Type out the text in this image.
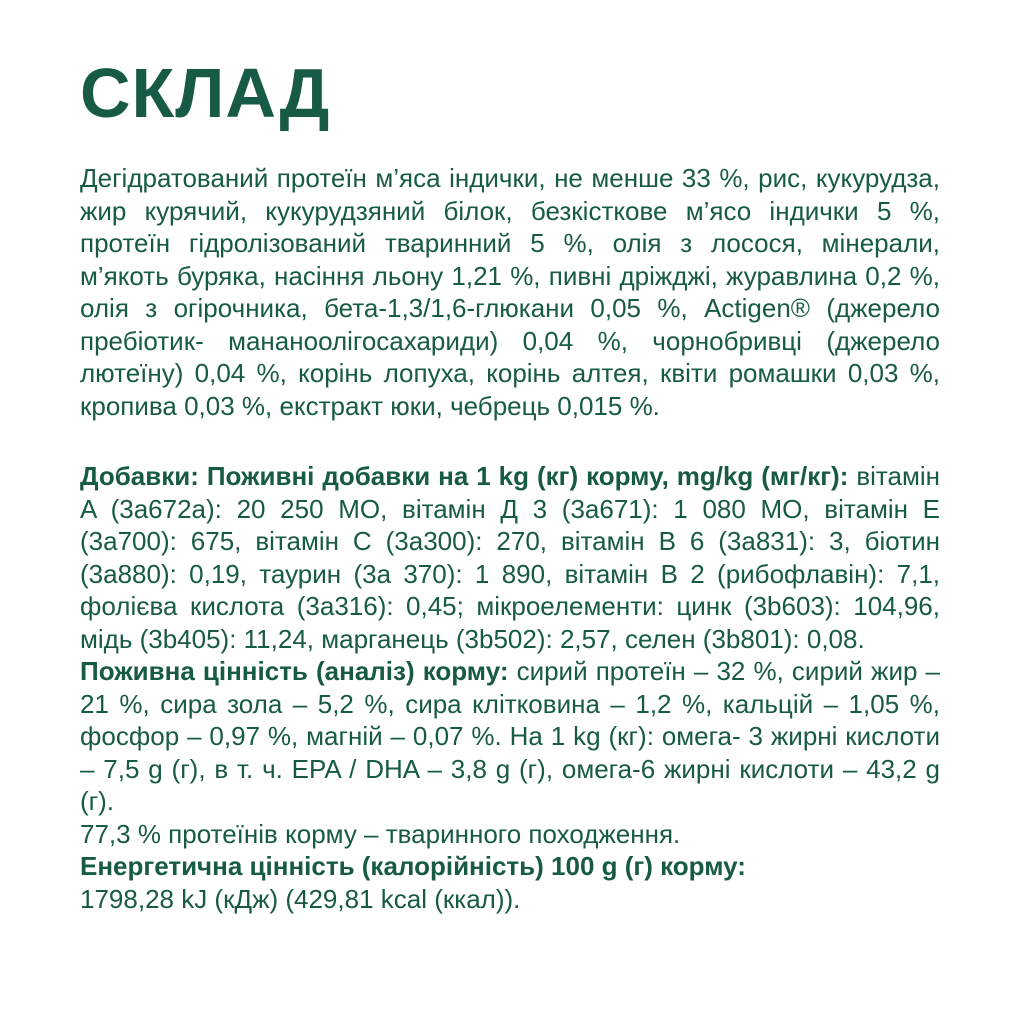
СКЛАД

Дегідратований протеїн м’яса індички, не менше 33 %, рис, кукурудза, жир курячий, кукурудзяний білок, безкісткове м’ясо індички 5 %, протеїн гідролізований тваринний 5 %, олія з лосося, мінерали, м’якоть буряка, насіння льону 1,21 %, пивні дріжджі, журавлина 0,2 %, олія з огірочника, бета-1,3/1,6-глюкани 0,05 %, Actigen® (джерело пребіотик- мананоолігосахариди) 0,04 %, чорнобривці (джерело лютеїну) 0,04 %, корінь лопуха, корінь алтея, квіти ромашки 0,03 %, кропива 0,03 %, екстракт юки, чебрець 0,015 %.

Добавки: Поживні добавки на 1 kg (кг) корму, mg/kg (мг/кг): вітамін A (3a672a): 20 250 МО, вітамін Д 3 (3a671): 1 080 МО, вітамін E (3a700): 675, вітамін C (3a300): 270, вітамін B 6 (3a831): 3, біотин (3a880): 0,19, таурин (3a 370): 1 890, вітамін B 2 (рибофлавін): 7,1, фолієва кислота (3a316): 0,45; мікроелементи: цинк (3b603): 104,96, мідь (3b405): 11,24, марганець (3b502): 2,57, селен (3b801): 0,08.

Поживна цінність (аналіз) корму: сирий протеїн – 32 %, сирий жир – 21 %, сира зола – 5,2 %, сира клітковина – 1,2 %, кальцій – 1,05 %, фосфор – 0,97 %, магній – 0,07 %. На 1 kg (кг): омега- 3 жирні кислоти – 7,5 g (г), в т. ч. EPA / DHA – 3,8 g (г), омега-6 жирні кислоти – 43,2 g (г).

77,3 % протеїнів корму – тваринного походження.

Енергетична цінність (калорійність) 100 g (г) корму:

1798,28 kJ (кДж) (429,81 kcal (ккал)).
